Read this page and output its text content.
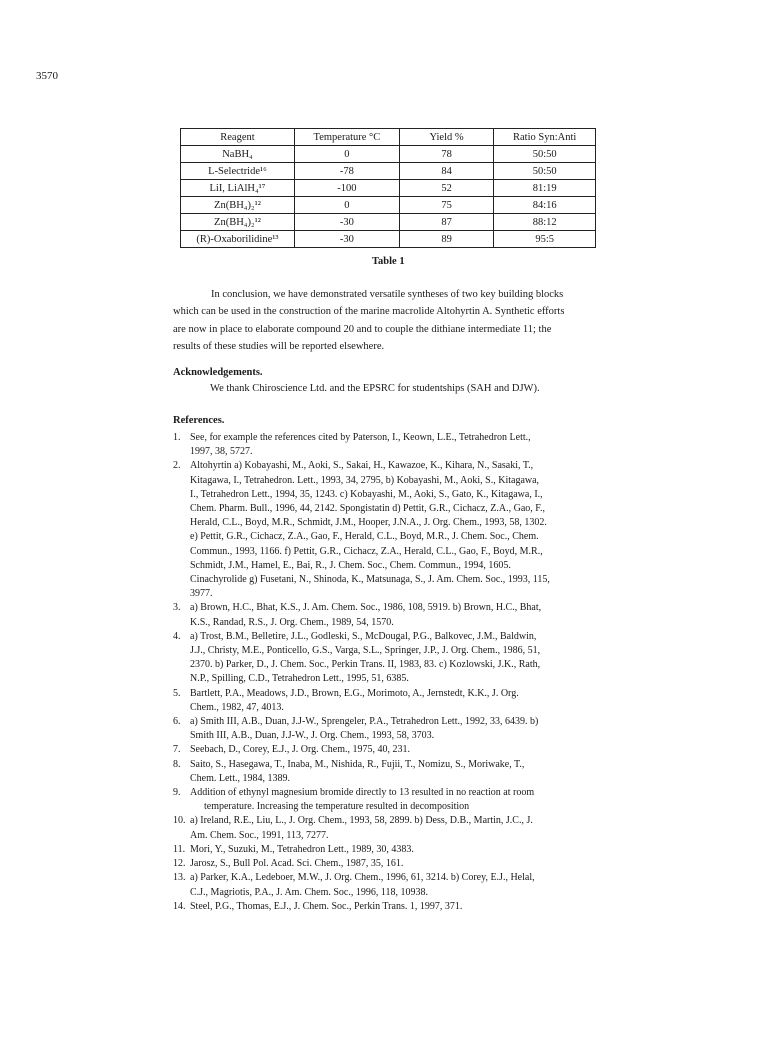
3570
Reagent	Temperature °C	Yield %	Ratio Syn:Anti
NaBH₄	0	78	50:50
L-Selectride¹⁶	-78	84	50:50
LiI, LiAlH₄¹⁷	-100	52	81:19
Zn(BH₄)₂¹²	0	75	84:16
Zn(BH₄)₂¹²	-30	87	88:12
(R)-Oxaborilidine¹³	-30	89	95:5
Table 1
In conclusion, we have demonstrated versatile syntheses of two key building blocks
which can be used in the construction of the marine macrolide Altohyrtin A. Synthetic efforts
are now in place to elaborate compound 20 and to couple the dithiane intermediate 11; the
results of these studies will be reported elsewhere.
Acknowledgements.
We thank Chiroscience Ltd. and the EPSRC for studentships (SAH and DJW).
References.
1. See, for example the references cited by Paterson, I., Keown, L.E., Tetrahedron Lett.,
1997, 38, 5727.
2. Altohyrtin a) Kobayashi, M., Aoki, S., Sakai, H., Kawazoe, K., Kihara, N., Sasaki, T.,
Kitagawa, I., Tetrahedron. Lett., 1993, 34, 2795, b) Kobayashi, M., Aoki, S., Kitagawa,
I., Tetrahedron Lett., 1994, 35, 1243. c) Kobayashi, M., Aoki, S., Gato, K., Kitagawa, I.,
Chem. Pharm. Bull., 1996, 44, 2142. Spongistatin d) Pettit, G.R., Cichacz, Z.A., Gao, F.,
Herald, C.L., Boyd, M.R., Schmidt, J.M., Hooper, J.N.A., J. Org. Chem., 1993, 58, 1302.
e) Pettit, G.R., Cichacz, Z.A., Gao, F., Herald, C.L., Boyd, M.R., J. Chem. Soc., Chem.
Commun., 1993, 1166. f) Pettit, G.R., Cichacz, Z.A., Herald, C.L., Gao, F., Boyd, M.R.,
Schmidt, J.M., Hamel, E., Bai, R., J. Chem. Soc., Chem. Commun., 1994, 1605.
Cinachyrolide g) Fusetani, N., Shinoda, K., Matsunaga, S., J. Am. Chem. Soc., 1993, 115,
3977.
3. a) Brown, H.C., Bhat, K.S., J. Am. Chem. Soc., 1986, 108, 5919. b) Brown, H.C., Bhat,
K.S., Randad, R.S., J. Org. Chem., 1989, 54, 1570.
4. a) Trost, B.M., Belletire, J.L., Godleski, S., McDougal, P.G., Balkovec, J.M., Baldwin,
J.J., Christy, M.E., Ponticello, G.S., Varga, S.L., Springer, J.P., J. Org. Chem., 1986, 51,
2370. b) Parker, D., J. Chem. Soc., Perkin Trans. II, 1983, 83. c) Kozlowski, J.K., Rath,
N.P., Spilling, C.D., Tetrahedron Lett., 1995, 51, 6385.
5. Bartlett, P.A., Meadows, J.D., Brown, E.G., Morimoto, A., Jernstedt, K.K., J. Org.
Chem., 1982, 47, 4013.
6. a) Smith III, A.B., Duan, J.J-W., Sprengeler, P.A., Tetrahedron Lett., 1992, 33, 6439. b)
Smith III, A.B., Duan, J.J-W., J. Org. Chem., 1993, 58, 3703.
7. Seebach, D., Corey, E.J., J. Org. Chem., 1975, 40, 231.
8. Saito, S., Hasegawa, T., Inaba, M., Nishida, R., Fujii, T., Nomizu, S., Moriwake, T.,
Chem. Lett., 1984, 1389.
9. Addition of ethynyl magnesium bromide directly to 13 resulted in no reaction at room
temperature. Increasing the temperature resulted in decomposition
10. a) Ireland, R.E., Liu, L., J. Org. Chem., 1993, 58, 2899. b) Dess, D.B., Martin, J.C., J.
Am. Chem. Soc., 1991, 113, 7277.
11. Mori, Y., Suzuki, M., Tetrahedron Lett., 1989, 30, 4383.
12. Jarosz, S., Bull Pol. Acad. Sci. Chem., 1987, 35, 161.
13. a) Parker, K.A., Ledeboer, M.W., J. Org. Chem., 1996, 61, 3214. b) Corey, E.J., Helal,
C.J., Magriotis, P.A., J. Am. Chem. Soc., 1996, 118, 10938.
14. Steel, P.G., Thomas, E.J., J. Chem. Soc., Perkin Trans. 1, 1997, 371.
